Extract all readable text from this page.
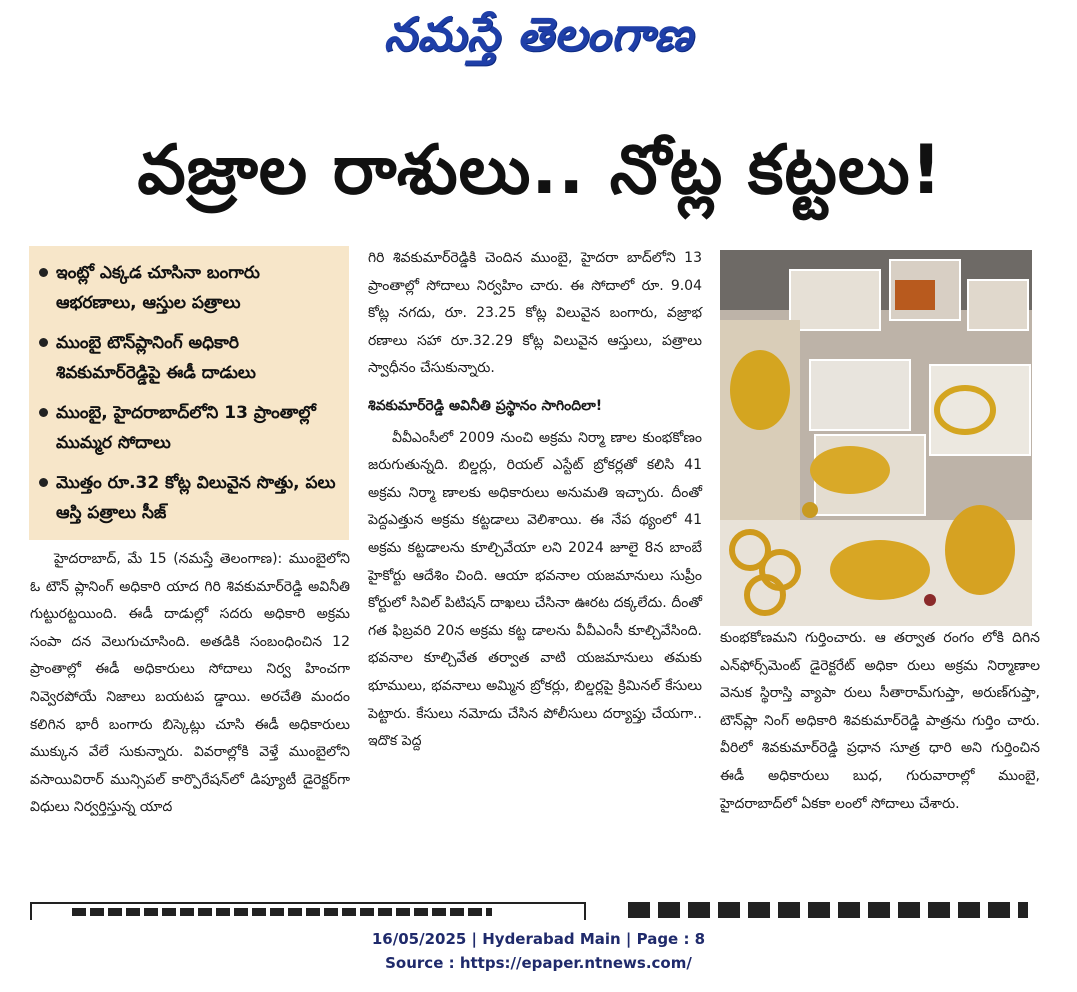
నమస్తే తెలంగాణ
వజ్రాల రాశులు.. నోట్ల కట్టలు!
ఇంట్లో ఎక్కడ చూసినా బంగారు ఆభరణాలు, ఆస్తుల పత్రాలు
ముంబై టౌన్‌ప్లానింగ్ అధికారి శివకుమార్‌రెడ్డిపై ఈడీ దాడులు
ముంబై, హైదరాబాద్‌లోని 13 ప్రాంతాల్లో ముమ్మర సోదాలు
మొత్తం రూ.32 కోట్ల విలువైన సొత్తు, పలు ఆస్తి పత్రాలు సీజ్

హైదరాబాద్, మే 15 (నమస్తే తెలంగాణ): ముంబైలోని ఓ టౌన్ ప్లానింగ్ అధికారి యాద గిరి శివకుమార్‌రెడ్డి అవినీతి గుట్టురట్టయింది. ఈడీ దాడుల్లో సదరు అధికారి అక్రమ సంపా దన వెలుగుచూసింది. అతడికి సంబంధించిన 12 ప్రాంతాల్లో ఈడీ అధికారులు సోదాలు నిర్వ హించగా నివ్వెరపోయే నిజాలు బయటప డ్డాయి. అరచేతి మందం కలిగిన భారీ బంగారు బిస్కెట్లు చూసి ఈడీ అధికారులు ముక్కున వేలే సుకున్నారు. వివరాల్లోకి వెళ్తే ముంబైలోని వసాయివిరార్ మున్సిపల్ కార్పొరేషన్‌లో డిప్యూటీ డైరెక్టర్‌గా విధులు నిర్వర్తిస్తున్న యాద

గిరి శివకుమార్‌రెడ్డికి చెందిన ముంబై, హైదరా బాద్‌లోని 13 ప్రాంతాల్లో సోదాలు నిర్వహిం చారు. ఈ సోదాలో రూ. 9.04 కోట్ల నగదు, రూ. 23.25 కోట్ల విలువైన బంగారు, వజ్రాభ రణాలు సహా రూ.32.29 కోట్ల విలువైన ఆస్తులు, పత్రాలు స్వాధీనం చేసుకున్నారు.

శివకుమార్‌రెడ్డి అవినీతి ప్రస్థానం సాగిందిలా!

వీవీఎంసీలో 2009 నుంచి అక్రమ నిర్మా ణాల కుంభకోణం జరుగుతున్నది. బిల్డర్లు, రియల్ ఎస్టేట్ బ్రోకర్లతో కలిసి 41 అక్రమ నిర్మా ణాలకు అధికారులు అనుమతి ఇచ్చారు. దీంతో పెద్దఎత్తున అక్రమ కట్టడాలు వెలిశాయి. ఈ నేప థ్యంలో 41 అక్రమ కట్టడాలను కూల్చివేయా లని 2024 జూలై 8న బాంబే హైకోర్టు ఆదేశిం చింది. ఆయా భవనాల యజమానులు సుప్రీం కోర్టులో సివిల్ పిటిషన్ దాఖలు చేసినా ఊరట దక్కలేదు. దీంతో గత ఫిబ్రవరి 20న అక్రమ కట్ట డాలను వీవీఎంసీ కూల్చివేసింది. భవనాల కూల్చివేత తర్వాత వాటి యజమానులు తమకు భూములు, భవనాలు అమ్మిన బ్రోకర్లు, బిల్డర్లపై క్రిమినల్ కేసులు పెట్టారు. కేసులు నమోదు చేసిన పోలీసులు దర్యాప్తు చేయగా.. ఇదొక పెద్ద

కుంభకోణమని గుర్తించారు. ఆ తర్వాత రంగం లోకి దిగిన ఎన్‌ఫోర్స్‌మెంట్ డైరెక్టరేట్ అధికా రులు అక్రమ నిర్మాణాల వెనుక స్థిరాస్తి వ్యాపా రులు సీతారామ్‌గుప్తా, అరుణ్‌గుప్తా, టౌన్‌ప్లా నింగ్ అధికారి శివకుమార్‌రెడ్డి పాత్రను గుర్తిం చారు. వీరిలో శివకుమార్‌రెడ్డి ప్రధాన సూత్ర ధారి అని గుర్తించిన ఈడీ అధికారులు బుధ, గురువారాల్లో ముంబై, హైదరాబాద్‌లో ఏకకా లంలో సోదాలు చేశారు.

16/05/2025 | Hyderabad Main | Page : 8
Source : https://epaper.ntnews.com/
